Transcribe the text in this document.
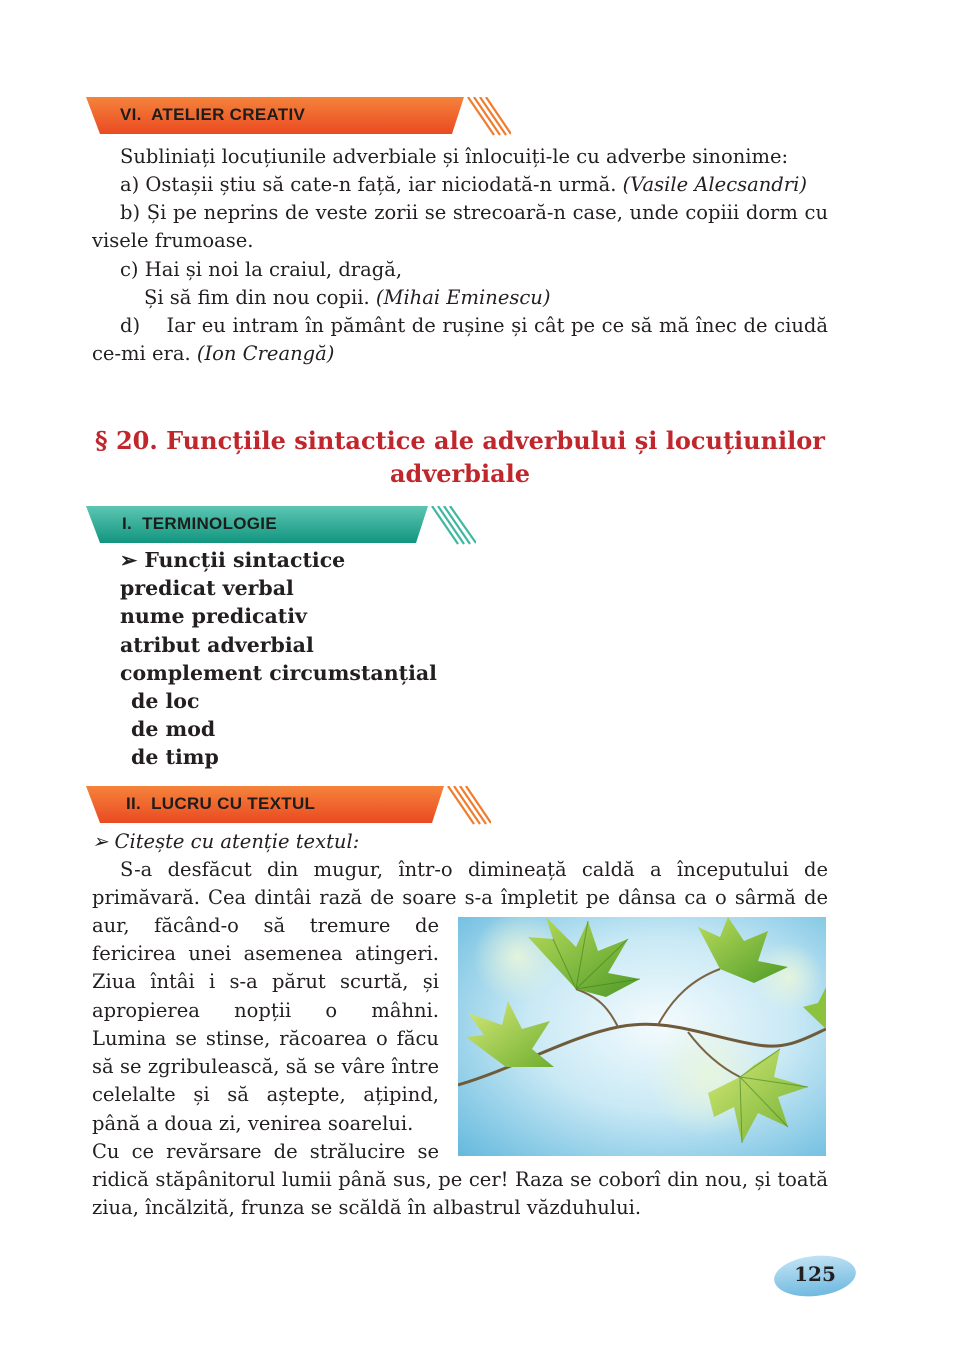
VI.  ATELIER CREATIV

Subliniați locuțiunile adverbiale și înlocuiți-le cu adverbe sinonime:

a) Ostașii știu să cate-n față, iar niciodată-n urmă. (Vasile Alecsandri)

b) Și pe neprins de veste zorii se strecoară-n case, unde copiii dorm cu

visele frumoase.

c) Hai și noi la craiul, dragă,

Și să fim din nou copii. (Mihai Eminescu)

d)    Iar eu intram în pământ de rușine și cât pe ce să mă înec de ciudă

ce-mi era. (Ion Creangă)

§ 20. Funcțiile sintactice ale adverbului și locuțiunilor

adverbiale

I.  TERMINOLOGIE

➢ Funcții sintactice

predicat verbal

nume predicativ

atribut adverbial

complement circumstanțial

de loc

de mod

de timp

II.  LUCRU CU TEXTUL

➢ Citește cu atenție textul:

S-a desfăcut din mugur, într-o dimineață caldă a începutului de

primăvară. Cea dintâi rază de soare s-a împletit pe dânsa ca o sârmă de

aur, făcând-o să tremure de

fericirea unei asemenea atingeri.

Ziua întâi i s-a părut scurtă, și

apropierea nopții o mâhni.

Lumina se stinse, răcoarea o făcu

să se zgribulească, să se vâre între

celelalte și să aștepte, ațipind,

până a doua zi, venirea soarelui.

Cu ce revărsare de strălucire se

ridică stăpânitorul lumii până sus, pe cer! Raza se coborî din nou, și toată

ziua, încălzită, frunza se scăldă în albastrul văzduhului.

125
